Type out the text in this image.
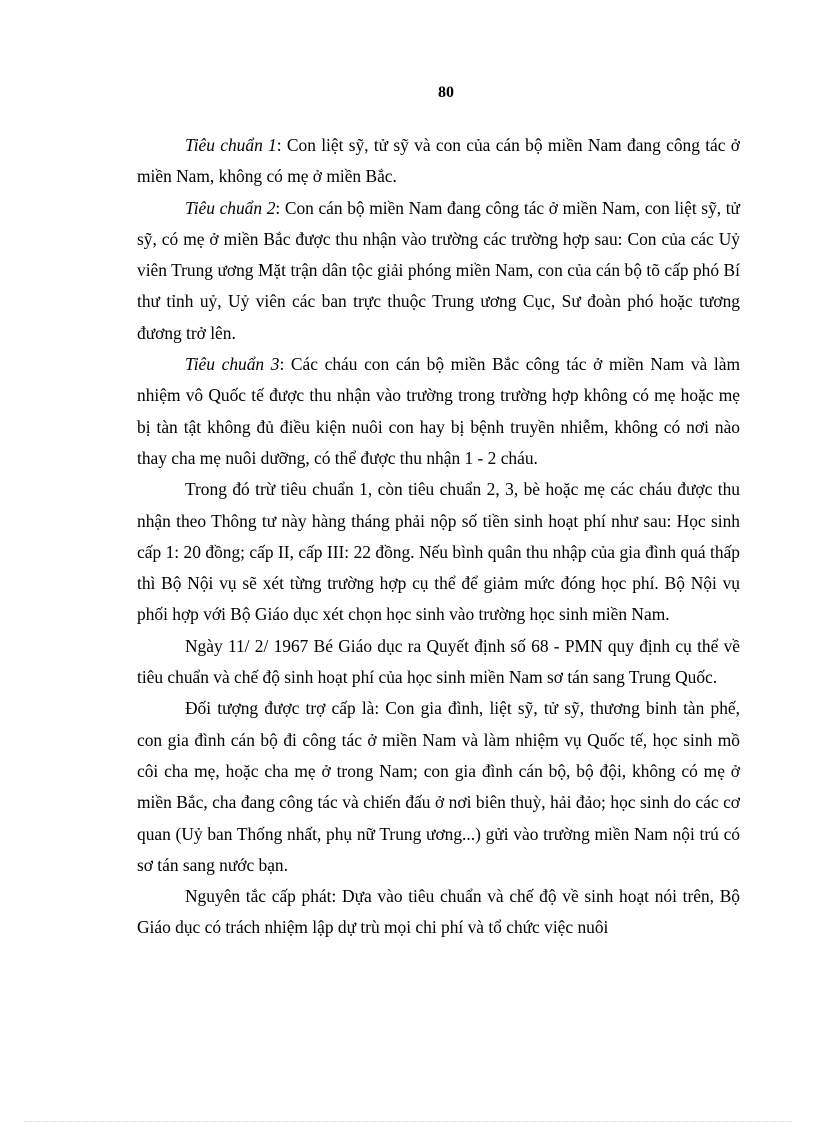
80

Tiêu chuẩn 1: Con liệt sỹ, tử sỹ và con của cán bộ miền Nam đang công tác ở miền Nam, không có mẹ ở miền Bắc.

Tiêu chuẩn 2: Con cán bộ miền Nam đang công tác ở miền Nam, con liệt sỹ, tử sỹ, có mẹ ở miền Bắc được thu nhận vào trường các trường hợp sau: Con của các Uỷ viên Trung ương Mặt trận dân tộc giải phóng miền Nam, con của cán bộ tõ cấp phó Bí thư tỉnh uỷ, Uỷ viên các ban trực thuộc Trung ương Cục, Sư đoàn phó hoặc tương đương trở lên.

Tiêu chuẩn 3: Các cháu con cán bộ miền Bắc công tác ở miền Nam và làm nhiệm vô Quốc tế được thu nhận vào trường trong trường hợp không có mẹ hoặc mẹ bị tàn tật không đủ điều kiện nuôi con hay bị bệnh truyền nhiễm, không có nơi nào thay cha mẹ nuôi dưỡng, có thể được thu nhận 1 - 2 cháu.

Trong đó trừ tiêu chuẩn 1, còn tiêu chuẩn 2, 3, bè hoặc mẹ các cháu được thu nhận theo Thông tư này hàng tháng phải nộp số tiền sinh hoạt phí như sau: Học sinh cấp 1: 20 đồng; cấp II, cấp III: 22 đồng. Nếu bình quân thu nhập của gia đình quá thấp thì Bộ Nội vụ sẽ xét từng trường hợp cụ thể để giảm mức đóng học phí. Bộ Nội vụ phối hợp với Bộ Giáo dục xét chọn học sinh vào trường học sinh miền Nam.

Ngày 11/ 2/ 1967 Bé Giáo dục ra Quyết định số 68 - PMN quy định cụ thể về tiêu chuẩn và chế độ sinh hoạt phí của học sinh miền Nam sơ tán sang Trung Quốc.

Đối tượng được trợ cấp là: Con gia đình, liệt sỹ, tử sỹ, thương binh tàn phế, con gia đình cán bộ đi công tác ở miền Nam và làm nhiệm vụ Quốc tế, học sinh mồ côi cha mẹ, hoặc cha mẹ ở trong Nam; con gia đình cán bộ, bộ đội, không có mẹ ở miền Bắc, cha đang công tác và chiến đấu ở nơi biên thuỳ, hải đảo; học sinh do các cơ quan (Uỷ ban Thống nhất, phụ nữ Trung ương...) gửi vào trường miền Nam nội trú có sơ tán sang nước bạn.

Nguyên tắc cấp phát: Dựa vào tiêu chuẩn và chế độ về sinh hoạt nói trên, Bộ Giáo dục có trách nhiệm lập dự trù mọi chi phí và tổ chức việc nuôi
